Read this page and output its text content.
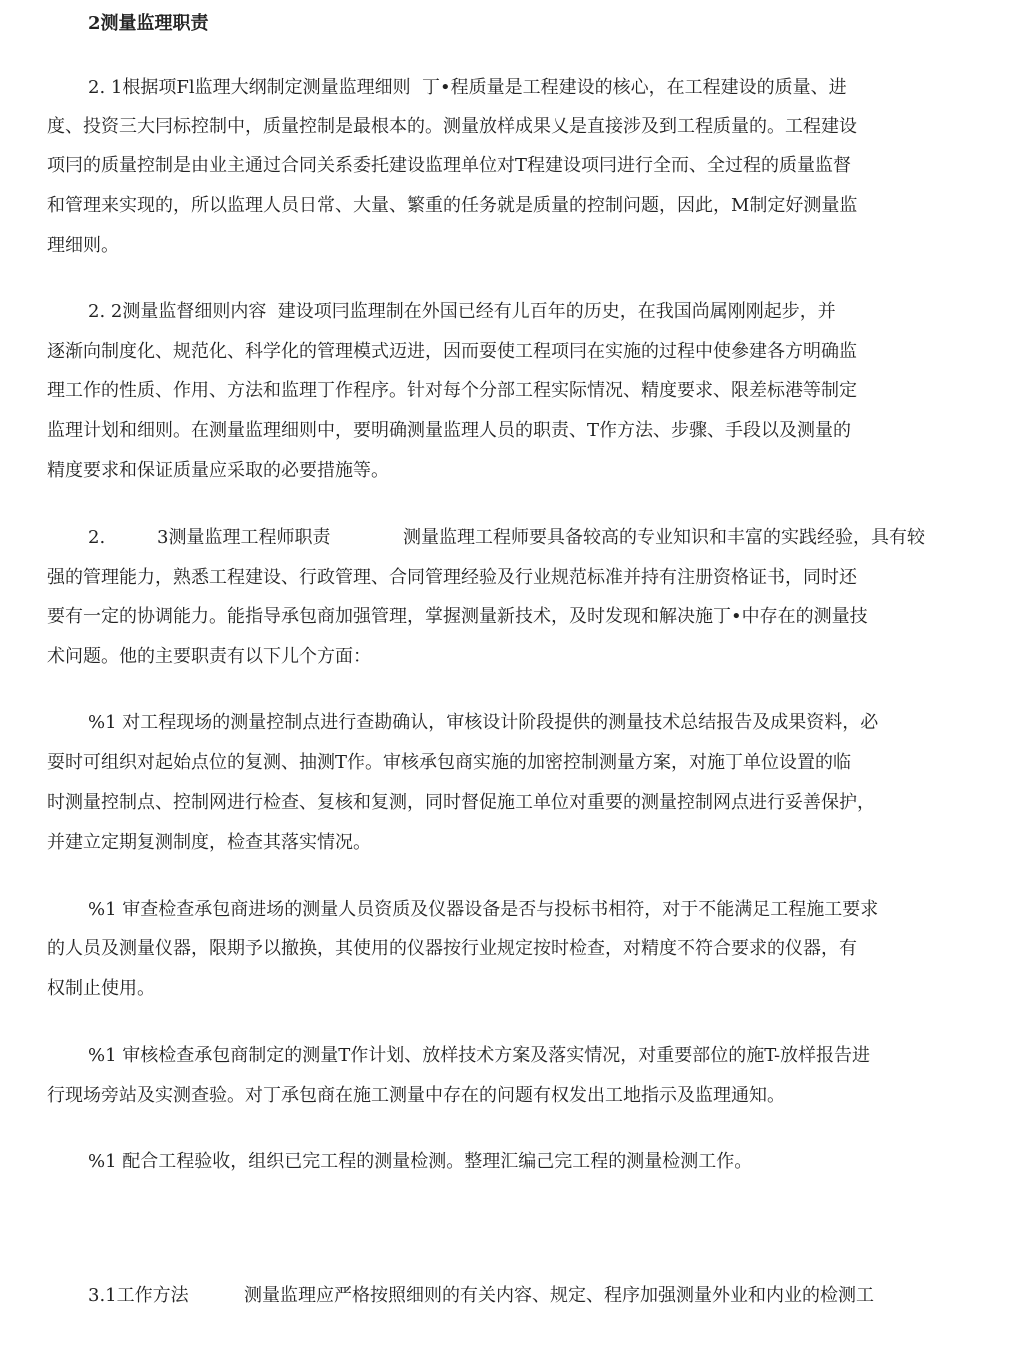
2测量监理职责
2. 1根据项Fl监理大纲制定测量监理细则  丁•程质量是工程建设的核心，在工程建设的质量、进
度、投资三大冃标控制中，质量控制是最根本的。测量放样成果乂是直接涉及到工程质量的。工程建设
项冃的质量控制是由业主通过合同关系委托建设监理单位对T程建设项冃进行全而、全过程的质量监督
和管理来实现的，所以监理人员日常、大量、繁重的任务就是质量的控制问题，因此，M制定好测量监
理细则。
2. 2测量监督细则内容  建设项冃监理制在外国已经有儿百年的历史，在我国尚属刚刚起步，并
逐渐向制度化、规范化、科学化的管理模式迈进，因而耍使工程项冃在实施的过程中使參建各方明确监
理工作的性质、作用、方法和监理丁作程序。针对每个分部工程实际情况、精度要求、限差标港等制定
监理计划和细则。在测量监理细则中，要明确测量监理人员的职责、T作方法、步骤、手段以及测量的
精度要求和保证质量应采取的必要措施等。
2.	3测量监理工程师职责	测量监理工程师要具备较高的专业知识和丰富的实践经验，具有较
强的管理能力，熟悉工程建设、行政管理、合同管理经验及行业规范标准并持有注册资格证书，同时还
要有一定的协调能力。能指导承包商加强管理，掌握测量新技术，及时发现和解决施丁•中存在的测量技
术问题。他的主要职责有以下儿个方面：
%1 对工程现场的测量控制点进行查勘确认，审核设计阶段提供的测量技术总结报告及成果资料，必
耍时可组织对起始点位的复测、抽测T作。审核承包商实施的加密控制测量方案，对施丁单位设置的临
时测量控制点、控制网进行检查、复核和复测，同时督促施工单位对重要的测量控制网点进行妥善保护，
并建立定期复测制度，检查其落实情况。
%1 审查检查承包商进场的测量人员资质及仪器设备是否与投标书相符，对于不能满足工程施工要求
的人员及测量仪器，限期予以撤换，其使用的仪器按行业规定按时检查，对精度不符合要求的仪器，有
权制止使用。
%1 审核检查承包商制定的测量T作计划、放样技术方案及落实情况，对重要部位的施T-放样报告进
行现场旁站及实测查验。对丁承包商在施工测量中存在的问题有权发出工地指示及监理通知。
%1 配合工程验收，组织已完工程的测量检测。整理汇编己完工程的测量检测工作。
3.1工作方法	测量监理应严格按照细则的有关内容、规定、程序加强测量外业和内业的检测工
